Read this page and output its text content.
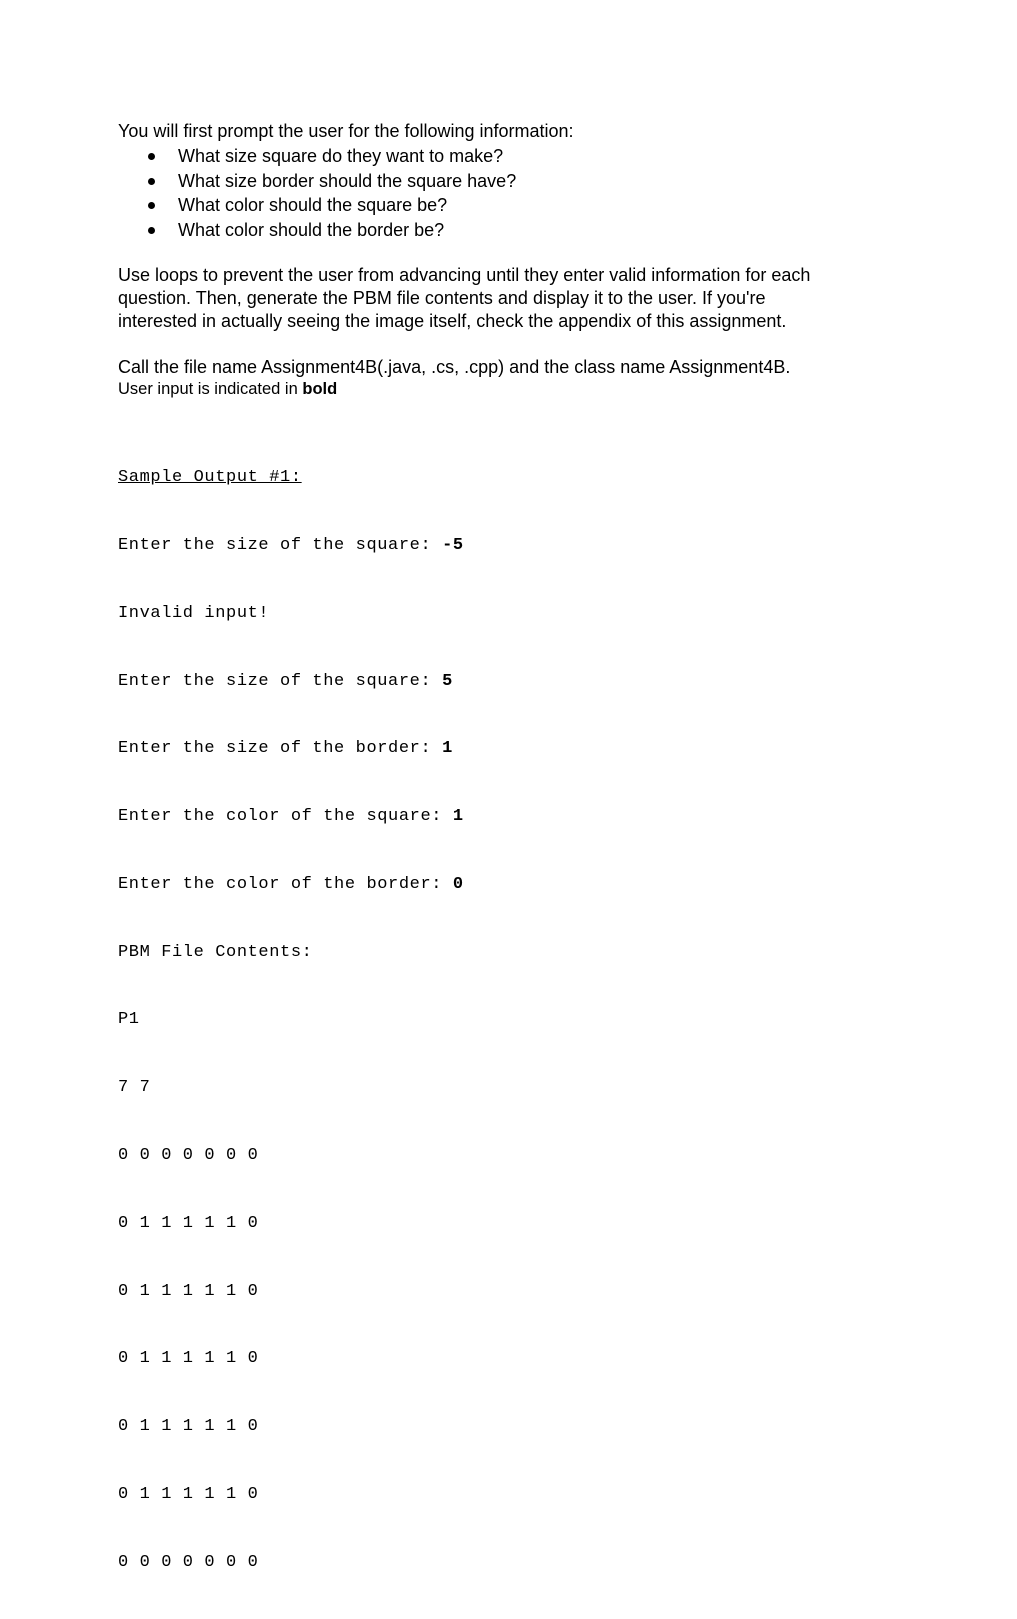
You will first prompt the user for the following information:

What size square do they want to make?
What size border should the square have?
What color should the square be?
What color should the border be?

Use loops to prevent the user from advancing until they enter valid information for each

question. Then, generate the PBM file contents and display it to the user. If you're

interested in actually seeing the image itself, check the appendix of this assignment.

Call the file name Assignment4B(.java, .cs, .cpp) and the class name Assignment4B.

User input is indicated in bold

Sample Output #1:

Enter the size of the square: -5

Invalid input!

Enter the size of the square: 5

Enter the size of the border: 1

Enter the color of the square: 1

Enter the color of the border: 0

PBM File Contents:

P1

7 7

0 0 0 0 0 0 0

0 1 1 1 1 1 0

0 1 1 1 1 1 0

0 1 1 1 1 1 0

0 1 1 1 1 1 0

0 1 1 1 1 1 0

0 0 0 0 0 0 0
